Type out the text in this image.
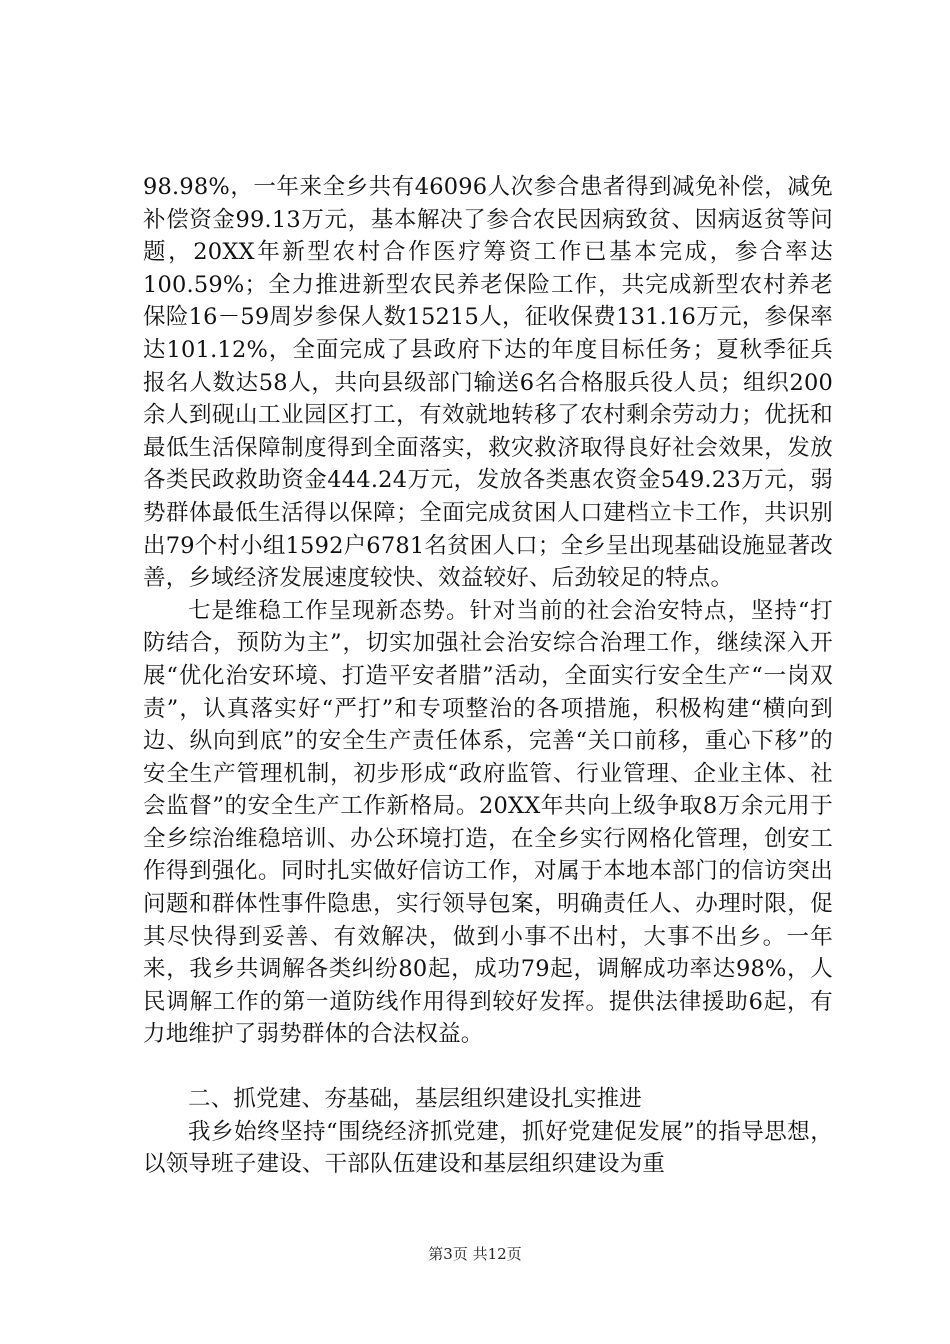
98.98%，一年来全乡共有46096人次参合患者得到减免补偿，减免补偿资金99.13万元，基本解决了参合农民因病致贫、因病返贫等问题，20XX年新型农村合作医疗筹资工作已基本完成，参合率达100.59%；全力推进新型农民养老保险工作，共完成新型农村养老保险16－59周岁参保人数15215人，征收保费131.16万元，参保率达101.12%，全面完成了县政府下达的年度目标任务；夏秋季征兵报名人数达58人，共向县级部门输送6名合格服兵役人员；组织200余人到砚山工业园区打工，有效就地转移了农村剩余劳动力；优抚和最低生活保障制度得到全面落实，救灾救济取得良好社会效果，发放各类民政救助资金444.24万元，发放各类惠农资金549.23万元，弱势群体最低生活得以保障；全面完成贫困人口建档立卡工作，共识别出79个村小组1592户6781名贫困人口；全乡呈出现基础设施显著改善，乡域经济发展速度较快、效益较好、后劲较足的特点。

七是维稳工作呈现新态势。针对当前的社会治安特点，坚持“打防结合，预防为主”，切实加强社会治安综合治理工作，继续深入开展“优化治安环境、打造平安者腊”活动，全面实行安全生产“一岗双责”，认真落实好“严打”和专项整治的各项措施，积极构建“横向到边、纵向到底”的安全生产责任体系，完善“关口前移，重心下移”的安全生产管理机制，初步形成“政府监管、行业管理、企业主体、社会监督”的安全生产工作新格局。20XX年共向上级争取8万余元用于全乡综治维稳培训、办公环境打造，在全乡实行网格化管理，创安工作得到强化。同时扎实做好信访工作，对属于本地本部门的信访突出问题和群体性事件隐患，实行领导包案，明确责任人、办理时限，促其尽快得到妥善、有效解决，做到小事不出村，大事不出乡。一年来，我乡共调解各类纠纷80起，成功79起，调解成功率达98%，人民调解工作的第一道防线作用得到较好发挥。提供法律援助6起，有力地维护了弱势群体的合法权益。

二、抓党建、夯基础，基层组织建设扎实推进

我乡始终坚持“围绕经济抓党建，抓好党建促发展”的指导思想，以领导班子建设、干部队伍建设和基层组织建设为重

第3页 共12页
